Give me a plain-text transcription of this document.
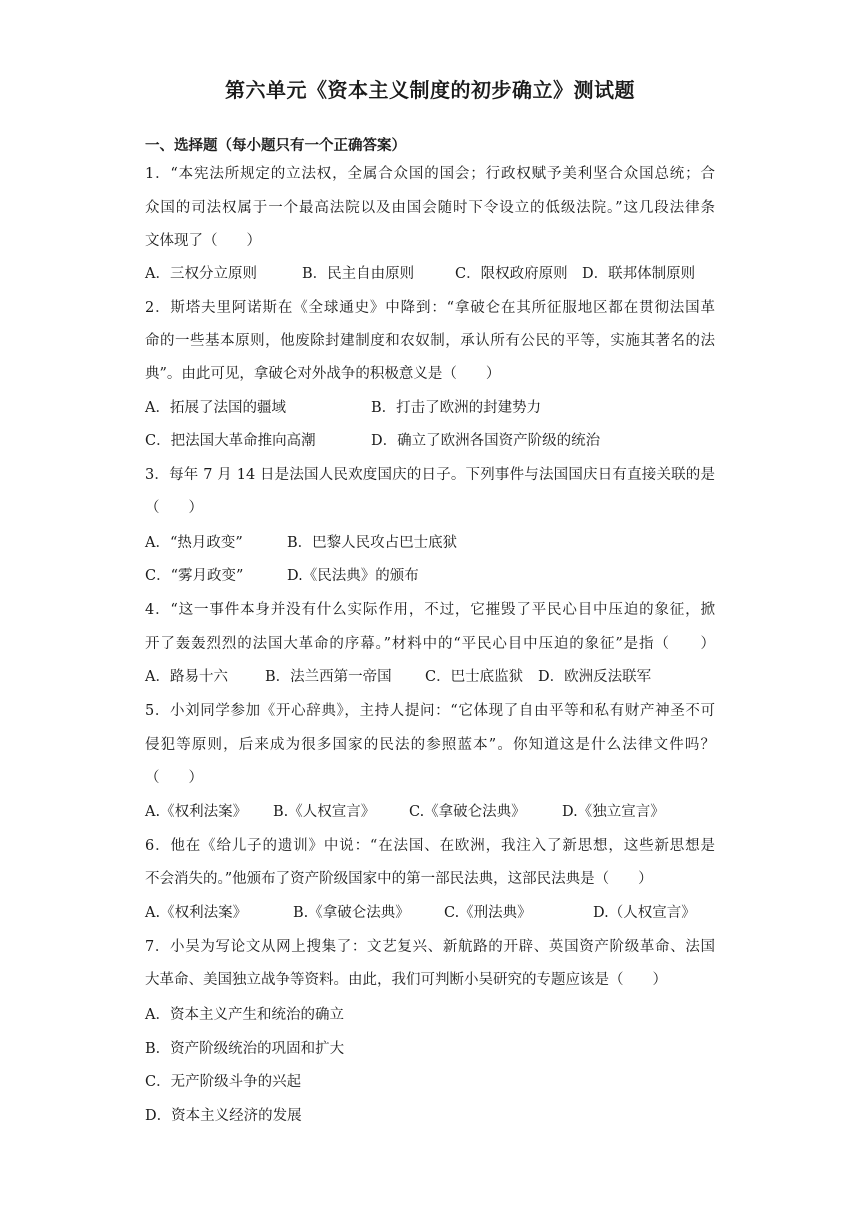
第六单元《资本主义制度的初步确立》测试题
一、选择题（每小题只有一个正确答案）
1．“本宪法所规定的立法权，全属合众国的国会；行政权赋予美利坚合众国总统；合
众国的司法权属于一个最高法院以及由国会随时下令设立的低级法院。”这几段法律条
文体现了（　　）
A．三权分立原则	B．民主自由原则	C．限权政府原则 D．联邦体制原则
2．斯塔夫里阿诺斯在《全球通史》中降到：“拿破仑在其所征服地区都在贯彻法国革
命的一些基本原则，他废除封建制度和农奴制，承认所有公民的平等，实施其著名的法
典”。由此可见，拿破仑对外战争的积极意义是（　　）
A．拓展了法国的疆域	B．打击了欧洲的封建势力
C．把法国大革命推向高潮	D．确立了欧洲各国资产阶级的统治
3．每年 7 月 14 日是法国人民欢度国庆的日子。下列事件与法国国庆日有直接关联的是
（　　）
A．“热月政变”	B．巴黎人民攻占巴士底狱
C．“雾月政变”	D.《民法典》的颁布
4．“这一事件本身并没有什么实际作用，不过，它摧毁了平民心目中压迫的象征，掀
开了轰轰烈烈的法国大革命的序幕。”材料中的“平民心目中压迫的象征”是指（　　）
A．路易十六	B．法兰西第一帝国 C．巴士底监狱 D．欧洲反法联军
5．小刘同学参加《开心辞典》，主持人提问：“它体现了自由平等和私有财产神圣不可
侵犯等原则，后来成为很多国家的民法的参照蓝本”。你知道这是什么法律文件吗？
（　　）
A.《权利法案》 B.《人权宣言》 C.《拿破仑法典》	D.《独立宣言》
6．他在《给儿子的遗训》中说：“在法国、在欧洲，我注入了新思想，这些新思想是
不会消失的。”他颁布了资产阶级国家中的第一部民法典，这部民法典是（　　）
A.《权利法案》	B.《拿破仑法典》 C.《刑法典》	D.（人权宣言》
7．小吴为写论文从网上搜集了：文艺复兴、新航路的开辟、英国资产阶级革命、法国
大革命、美国独立战争等资料。由此，我们可判断小吴研究的专题应该是（　　）
A．资本主义产生和统治的确立
B．资产阶级统治的巩固和扩大
C．无产阶级斗争的兴起
D．资本主义经济的发展
